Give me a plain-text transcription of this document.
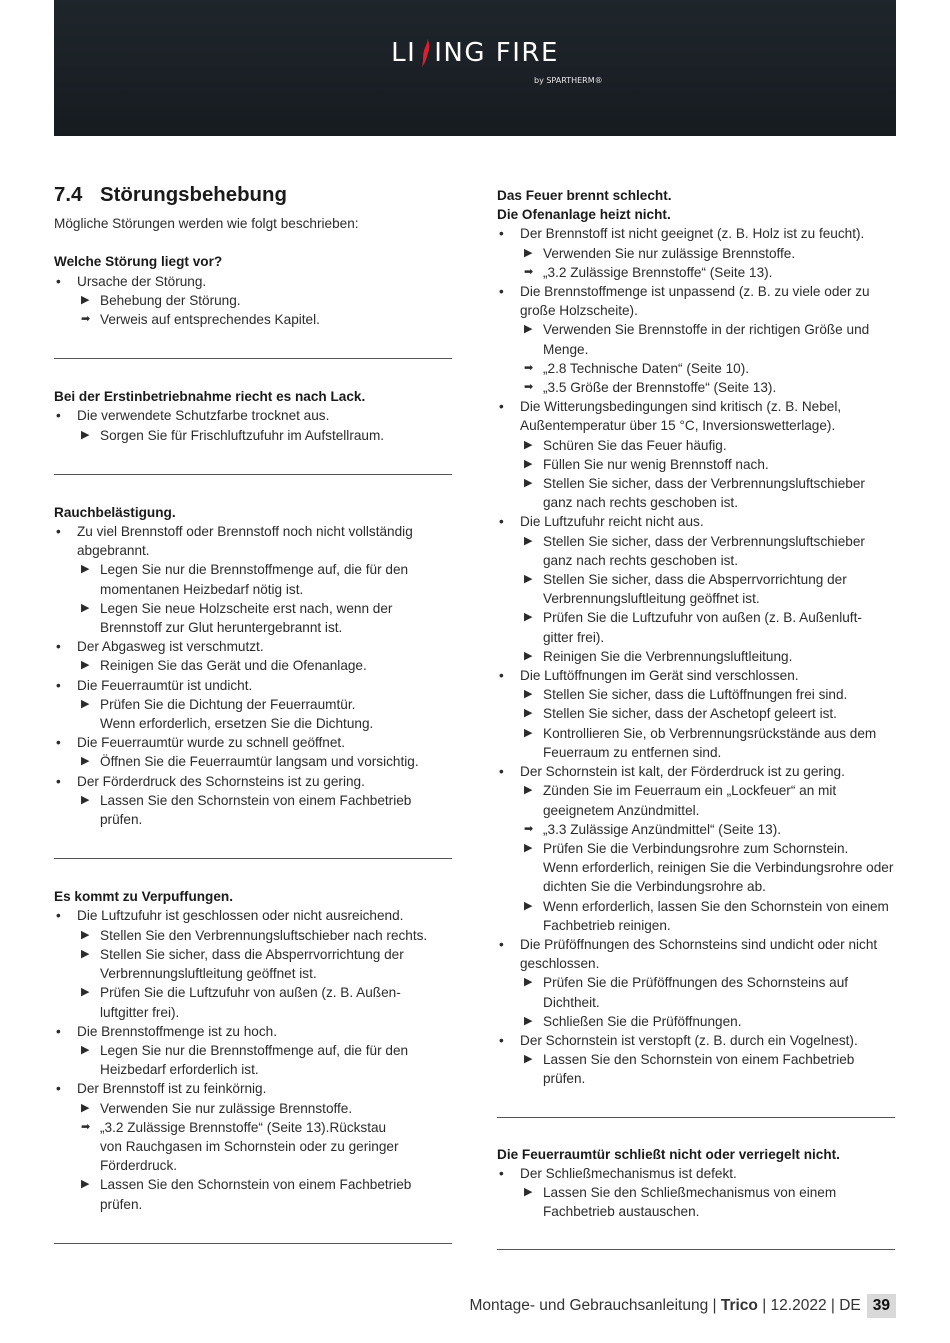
LI ING FIRE
by SPARTHERM®
7.4 Störungsbehebung

Mögliche Störungen werden wie folgt beschrieben:

Welche Störung liegt vor?
• Ursache der Störung.
▶ Behebung der Störung.
➡ Verweis auf entsprechendes Kapitel.
Bei der Erstinbetriebnahme riecht es nach Lack.
• Die verwendete Schutzfarbe trocknet aus.
▶ Sorgen Sie für Frischluftzufuhr im Aufstellraum.
Rauchbelästigung.
• Zu viel Brennstoff oder Brennstoff noch nicht vollständig abgebrannt.
▶ Legen Sie nur die Brennstoffmenge auf, die für den momentanen Heizbedarf nötig ist.
▶ Legen Sie neue Holzscheite erst nach, wenn der Brennstoff zur Glut heruntergebrannt ist.
• Der Abgasweg ist verschmutzt.
▶ Reinigen Sie das Gerät und die Ofenanlage.
• Die Feuerraumtür ist undicht.
▶ Prüfen Sie die Dichtung der Feuerraumtür.
Wenn erforderlich, ersetzen Sie die Dichtung.
• Die Feuerraumtür wurde zu schnell geöffnet.
▶ Öffnen Sie die Feuerraumtür langsam und vorsichtig.
• Der Förderdruck des Schornsteins ist zu gering.
▶ Lassen Sie den Schornstein von einem Fachbetrieb prüfen.
Es kommt zu Verpuffungen.
• Die Luftzufuhr ist geschlossen oder nicht ausreichend.
▶ Stellen Sie den Verbrennungsluftschieber nach rechts.
▶ Stellen Sie sicher, dass die Absperrvorrichtung der Verbrennungsluftleitung geöffnet ist.
▶ Prüfen Sie die Luftzufuhr von außen (z. B. Außen-
luftgitter frei).
• Die Brennstoffmenge ist zu hoch.
▶ Legen Sie nur die Brennstoffmenge auf, die für den Heizbedarf erforderlich ist.
• Der Brennstoff ist zu feinkörnig.
▶ Verwenden Sie nur zulässige Brennstoffe.
➡ „3.2 Zulässige Brennstoffe“ (Seite 13).Rückstau
von Rauchgasen im Schornstein oder zu geringer
Förderdruck.
▶ Lassen Sie den Schornstein von einem Fachbetrieb prüfen.
Das Feuer brennt schlecht.
Die Ofenanlage heizt nicht.
• Der Brennstoff ist nicht geeignet (z. B. Holz ist zu feucht).
▶ Verwenden Sie nur zulässige Brennstoffe.
➡ „3.2 Zulässige Brennstoffe“ (Seite 13).
• Die Brennstoffmenge ist unpassend (z. B. zu viele oder zu große Holzscheite).
▶ Verwenden Sie Brennstoffe in der richtigen Größe und Menge.
➡ „2.8 Technische Daten“ (Seite 10).
➡ „3.5 Größe der Brennstoffe“ (Seite 13).
• Die Witterungsbedingungen sind kritisch (z. B. Nebel, Außentemperatur über 15 °C, Inversionswetterlage).
▶ Schüren Sie das Feuer häufig.
▶ Füllen Sie nur wenig Brennstoff nach.
▶ Stellen Sie sicher, dass der Verbrennungsluftschieber ganz nach rechts geschoben ist.
• Die Luftzufuhr reicht nicht aus.
▶ Stellen Sie sicher, dass der Verbrennungsluftschieber ganz nach rechts geschoben ist.
▶ Stellen Sie sicher, dass die Absperrvorrichtung der Verbrennungsluftleitung geöffnet ist.
▶ Prüfen Sie die Luftzufuhr von außen (z. B. Außenluft-
gitter frei).
▶ Reinigen Sie die Verbrennungsluftleitung.
• Die Luftöffnungen im Gerät sind verschlossen.
▶ Stellen Sie sicher, dass die Luftöffnungen frei sind.
▶ Stellen Sie sicher, dass der Aschetopf geleert ist.
▶ Kontrollieren Sie, ob Verbrennungsrückstände aus dem Feuerraum zu entfernen sind.
• Der Schornstein ist kalt, der Förderdruck ist zu gering.
▶ Zünden Sie im Feuerraum ein „Lockfeuer“ an mit geeignetem Anzündmittel.
➡ „3.3 Zulässige Anzündmittel“ (Seite 13).
▶ Prüfen Sie die Verbindungsrohre zum Schornstein.
Wenn erforderlich, reinigen Sie die Verbindungsrohre oder dichten Sie die Verbindungsrohre ab.
▶ Wenn erforderlich, lassen Sie den Schornstein von einem Fachbetrieb reinigen.
• Die Prüföffnungen des Schornsteins sind undicht oder nicht geschlossen.
▶ Prüfen Sie die Prüföffnungen des Schornsteins auf Dichtheit.
▶ Schließen Sie die Prüföffnungen.
• Der Schornstein ist verstopft (z. B. durch ein Vogelnest).
▶ Lassen Sie den Schornstein von einem Fachbetrieb prüfen.
Die Feuerraumtür schließt nicht oder verriegelt nicht.
• Der Schließmechanismus ist defekt.
▶ Lassen Sie den Schließmechanismus von einem Fachbetrieb austauschen.
Montage- und Gebrauchsanleitung | Trico | 12.2022 | DE 39
